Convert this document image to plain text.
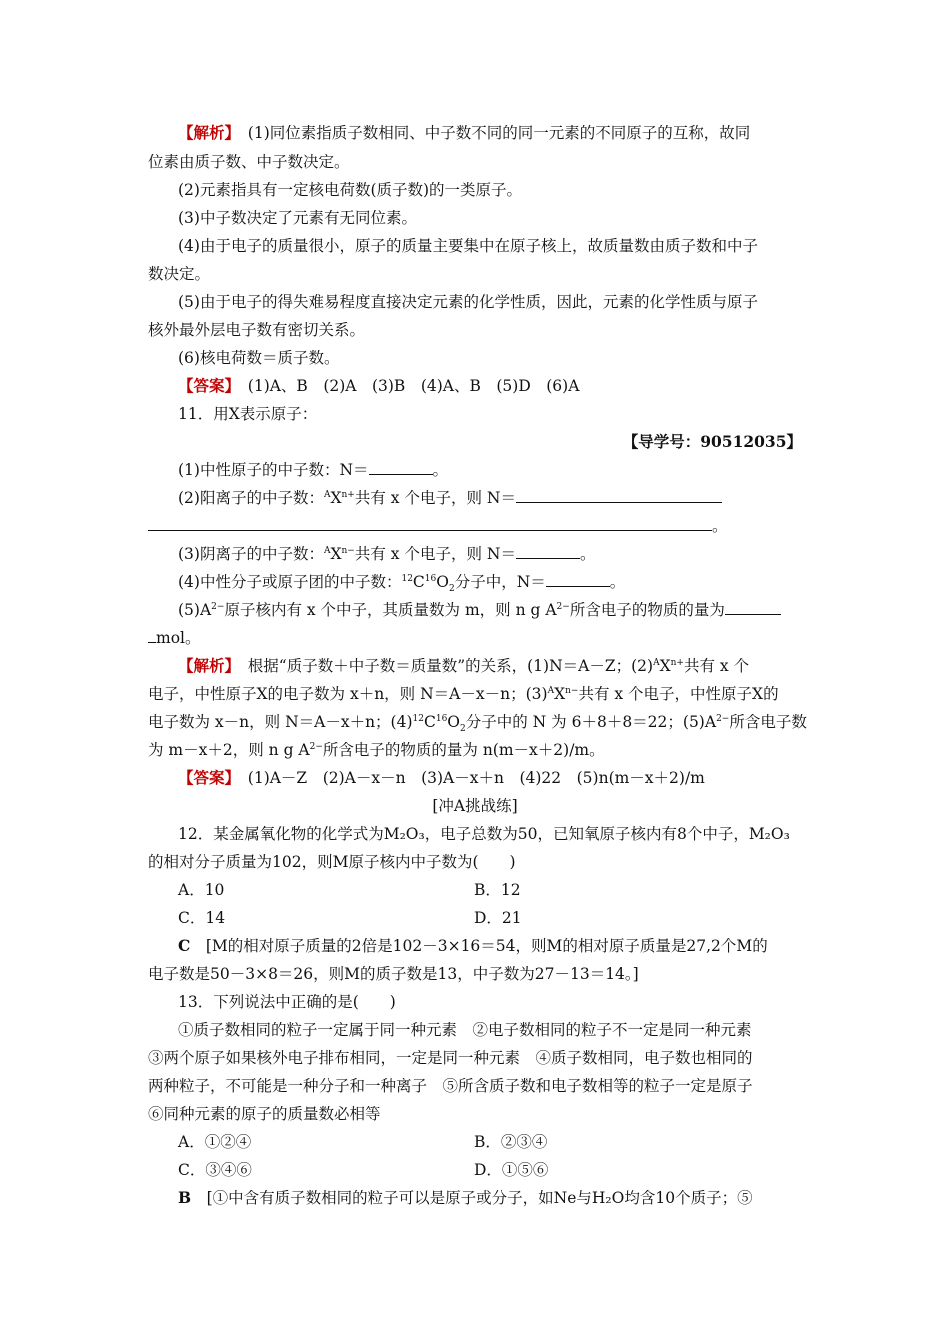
【解析】　 (1)同位素指质子数相同、中子数不同的同一元素的不同原子的互称，故同
位素由质子数、中子数决定。
(2)元素指具有一定核电荷数(质子数)的一类原子。
(3)中子数决定了元素有无同位素。
(4)由于电子的质量很小，原子的质量主要集中在原子核上，故质量数由质子数和中子
数决定。
(5)由于电子的得失难易程度直接决定元素的化学性质，因此，元素的化学性质与原子
核外最外层电子数有密切关系。
(6)核电荷数＝质子数。
【答案】　 (1)A、B　(2)A　(3)B　(4)A、B　(5)D　(6)A
11．用X表示原子：
【导学号：90512035】
(1)中性原子的中子数：N＝	。
(2)阳离子的中子数：$^AX^{n+}$共有 x 个电子，则 N＝
。
(3)阴离子的中子数：$^AX^{n-}$共有 x 个电子，则 N＝	。
(4)中性分子或原子团的中子数：$^{12}C^{16}O_2$分子中，N＝	。
$(5)A^{2-}$原子核内有 x 个中子，其质量数为 m，则 n g $A^{2-}$所含电子的物质的量为
mol。
【解析】　 根据“质子数＋中子数＝质量数”的关系，(1)N＝A－Z；$(2)^AX^{n+}$共有 x 个
电子，中性原子X的电子数为 x＋n，则 N＝A－x－n；$(3)^AX^{n-}$共有 x 个电子，中性原子X的
电子数为 x－n，则 N＝A－x＋n；$(4)^{12}C^{16}O_2$分子中的 N 为 6＋8＋8＝22；$(5)A^{2-}$所含电子数
为 m－x＋2，则 n g $A^{2-}$所含电子的物质的量为 n(m－x＋2)/m。
【答案】　 (1)A－Z　(2)A－x－n　(3)A－x＋n　(4)22　(5)n(m－x＋2)/m
[冲A挑战练]
12．某金属氧化物的化学式为M₂O₃，电子总数为50，已知氧原子核内有8个中子，M₂O₃
的相对分子质量为102，则M原子核内中子数为(　　)
A．10	B．12
C．14	D．21
C　 [M的相对原子质量的2倍是102－3×16＝54，则M的相对原子质量是27,2个M的
电子数是50－3×8＝26，则M的质子数是13，中子数为27－13＝14。]
13．下列说法中正确的是(　　)
①质子数相同的粒子一定属于同一种元素　②电子数相同的粒子不一定是同一种元素
③两个原子如果核外电子排布相同，一定是同一种元素　④质子数相同，电子数也相同的
两种粒子，不可能是一种分子和一种离子　⑤所含质子数和电子数相等的粒子一定是原子
⑥同种元素的原子的质量数必相等
A．①②④	B．②③④
C．③④⑥	D．①⑤⑥
B　 [①中含有质子数相同的粒子可以是原子或分子，如Ne与H₂O均含10个质子；⑤
